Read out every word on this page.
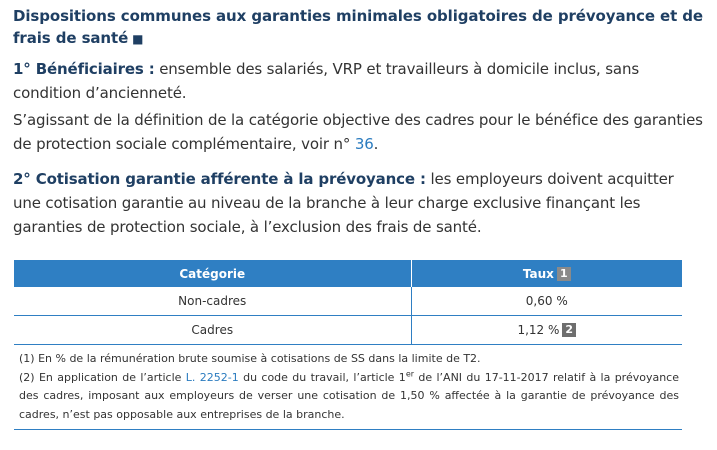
Dispositions communes aux garanties minimales obligatoires de prévoyance et de frais de santé ■
1° Bénéficiaires : ensemble des salariés, VRP et travailleurs à domicile inclus, sans condition d’ancienneté.
S’agissant de la définition de la catégorie objective des cadres pour le bénéfice des garanties de protection sociale complémentaire, voir n° 36.
2° Cotisation garantie afférente à la prévoyance : les employeurs doivent acquitter une cotisation garantie au niveau de la branche à leur charge exclusive finançant les garanties de protection sociale, à l’exclusion des frais de santé.
Catégorie	Taux 1
Non-cadres	0,60 %
Cadres	1,12 % 2

(1) En % de la rémunération brute soumise à cotisations de SS dans la limite de T2.

(2) En application de l’article L. 2252-1 du code du travail, l’article 1er de l’ANI du 17-11-2017 relatif à la prévoyance des cadres, imposant aux employeurs de verser une cotisation de 1,50 % affectée à la garantie de prévoyance des cadres, n’est pas opposable aux entreprises de la branche.
